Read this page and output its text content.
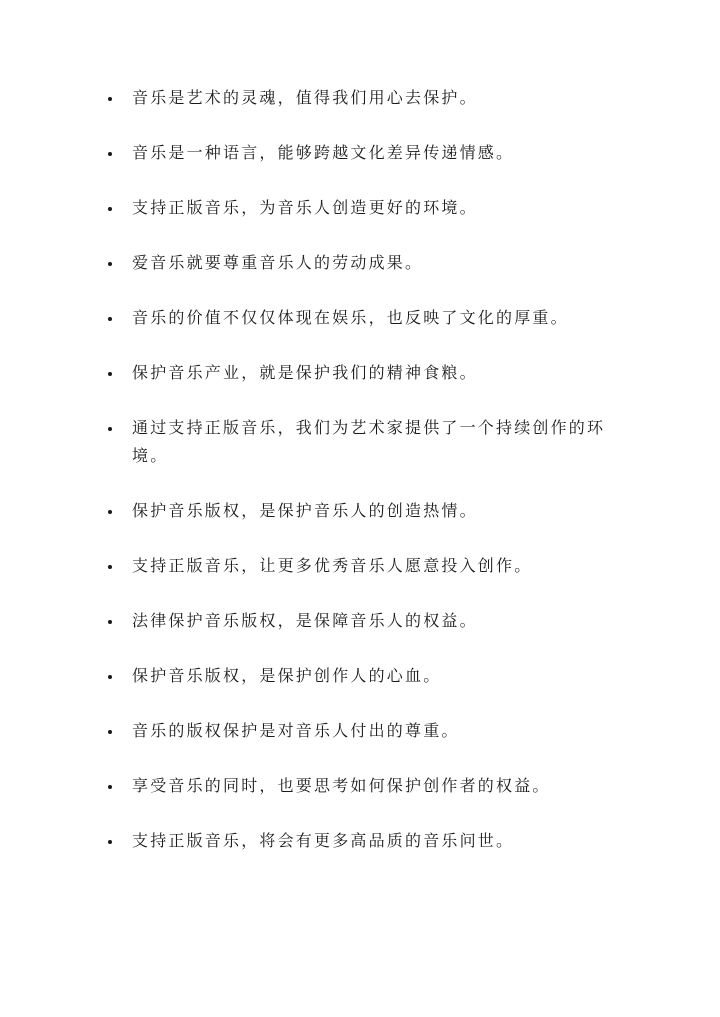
音乐是艺术的灵魂，值得我们用心去保护。
音乐是一种语言，能够跨越文化差异传递情感。
支持正版音乐，为音乐人创造更好的环境。
爱音乐就要尊重音乐人的劳动成果。
音乐的价值不仅仅体现在娱乐，也反映了文化的厚重。
保护音乐产业，就是保护我们的精神食粮。
通过支持正版音乐，我们为艺术家提供了一个持续创作的环境。
保护音乐版权，是保护音乐人的创造热情。
支持正版音乐，让更多优秀音乐人愿意投入创作。
法律保护音乐版权，是保障音乐人的权益。
保护音乐版权，是保护创作人的心血。
音乐的版权保护是对音乐人付出的尊重。
享受音乐的同时，也要思考如何保护创作者的权益。
支持正版音乐，将会有更多高品质的音乐问世。
